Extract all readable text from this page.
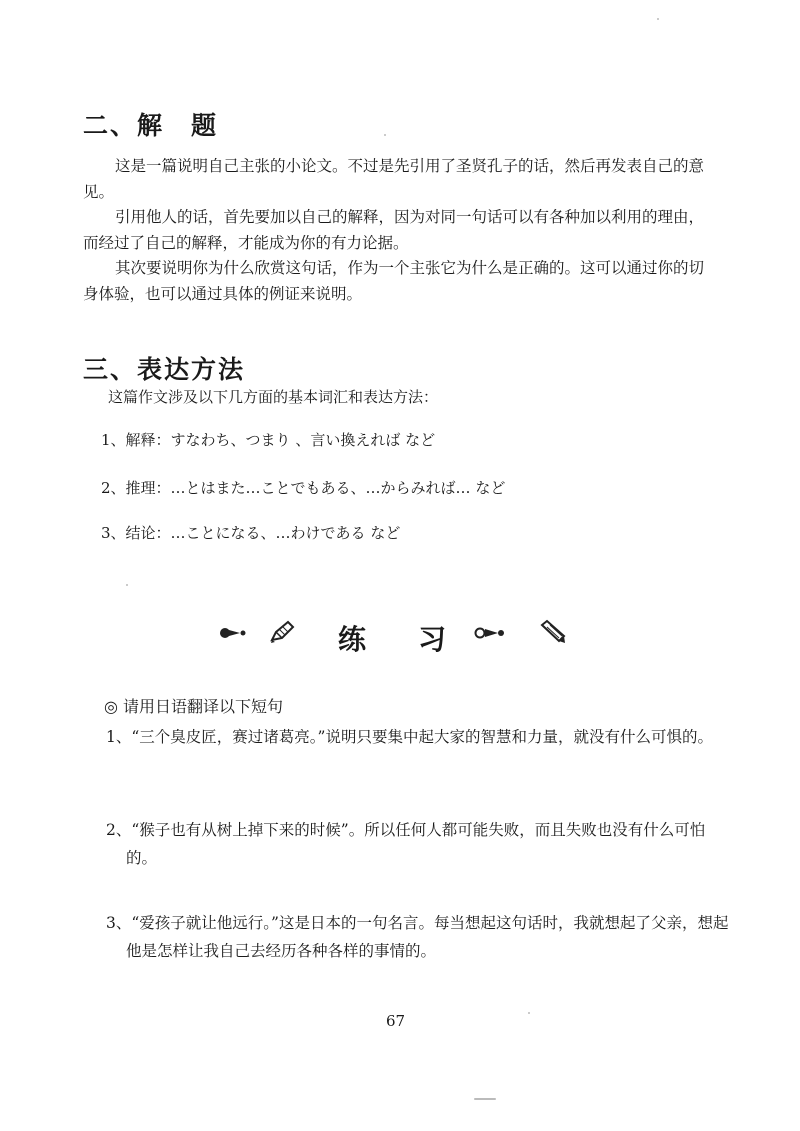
二、解　题
这是一篇说明自己主张的小论文。不过是先引用了圣贤孔子的话，然后再发表自己的意见。
引用他人的话，首先要加以自己的解释，因为对同一句话可以有各种加以利用的理由，而经过了自己的解释，才能成为你的有力论据。
其次要说明你为什么欣赏这句话，作为一个主张它为什么是正确的。这可以通过你的切身体验，也可以通过具体的例证来说明。
三、表达方法
这篇作文涉及以下几方面的基本词汇和表达方法：
1、解释：すなわち、つまり 、言い換えれば など
2、推理：…とはまた…ことでもある、…からみれば… など
3、结论：…ことになる、…わけである など
练 习
◎ 请用日语翻译以下短句
1、“三个臭皮匠，赛过诸葛亮。”说明只要集中起大家的智慧和力量，就没有什么可惧的。
2、“猴子也有从树上掉下来的时候”。所以任何人都可能失败，而且失败也没有什么可怕的。
3、“爱孩子就让他远行。”这是日本的一句名言。每当想起这句话时，我就想起了父亲，想起他是怎样让我自己去经历各种各样的事情的。
67
